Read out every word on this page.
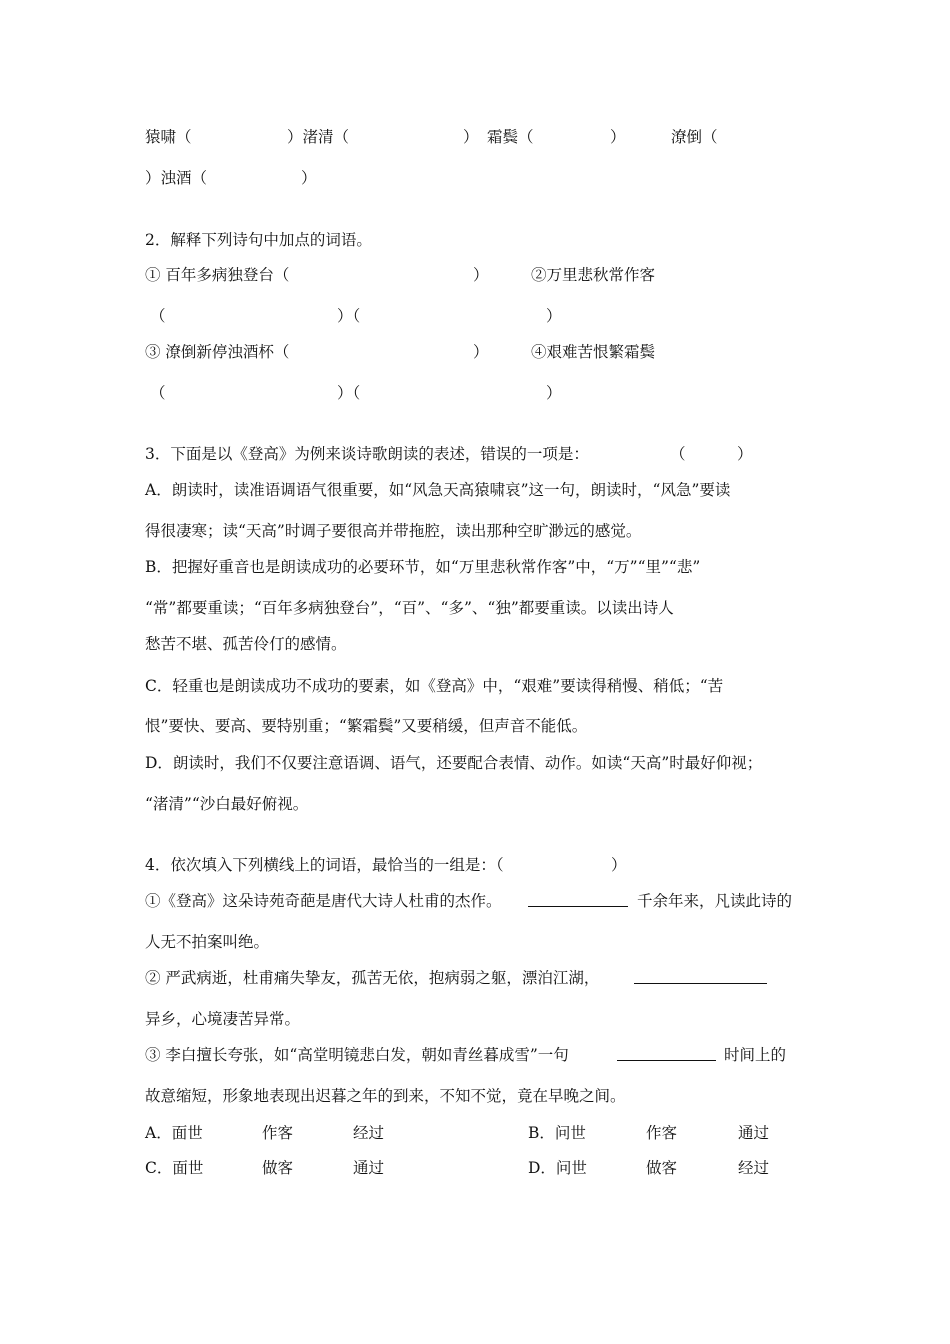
猿啸（	）渚清（	） 霜鬓（	）	潦倒（
）浊酒（	）
2．解释下列诗句中加点的词语。
① 百年多病独登台（	）	②万里悲秋常作客
（	）（	）
③ 潦倒新停浊酒杯（	）	④艰难苦恨繁霜鬓
（	）（	）
3．下面是以《登高》为例来谈诗歌朗读的表述，错误的一项是：	（	）
A．朗读时，读准语调语气很重要，如“风急天高猿啸哀”这一句，朗读时，“风急”要读
得很凄寒；读“天高”时调子要很高并带拖腔，读出那种空旷渺远的感觉。
B．把握好重音也是朗读成功的必要环节，如“万里悲秋常作客”中，“万”“里”“悲”
“常”都要重读；“百年多病独登台”，“百”、“多”、“独”都要重读。以读出诗人
愁苦不堪、孤苦伶仃的感情。
C．轻重也是朗读成功不成功的要素，如《登高》中，“艰难”要读得稍慢、稍低；“苦
恨”要快、要高、要特别重；“繁霜鬓”又要稍缓，但声音不能低。
D．朗读时，我们不仅要注意语调、语气，还要配合表情、动作。如读“天高”时最好仰视；
“渚清”“沙白最好俯视。
4．依次填入下列横线上的词语，最恰当的一组是：（	）
①《登高》这朵诗苑奇葩是唐代大诗人杜甫的杰作。	千余年来，凡读此诗的
人无不拍案叫绝。
② 严武病逝，杜甫痛失挚友，孤苦无依，抱病弱之躯，漂泊江湖，
异乡，心境凄苦异常。
③ 李白擅长夸张，如“高堂明镜悲白发，朝如青丝暮成雪”一句	时间上的
故意缩短，形象地表现出迟暮之年的到来，不知不觉，竟在早晚之间。
A．面世	作客	经过	B．问世	作客	通过
C．面世	做客	通过	D．问世	做客	经过
